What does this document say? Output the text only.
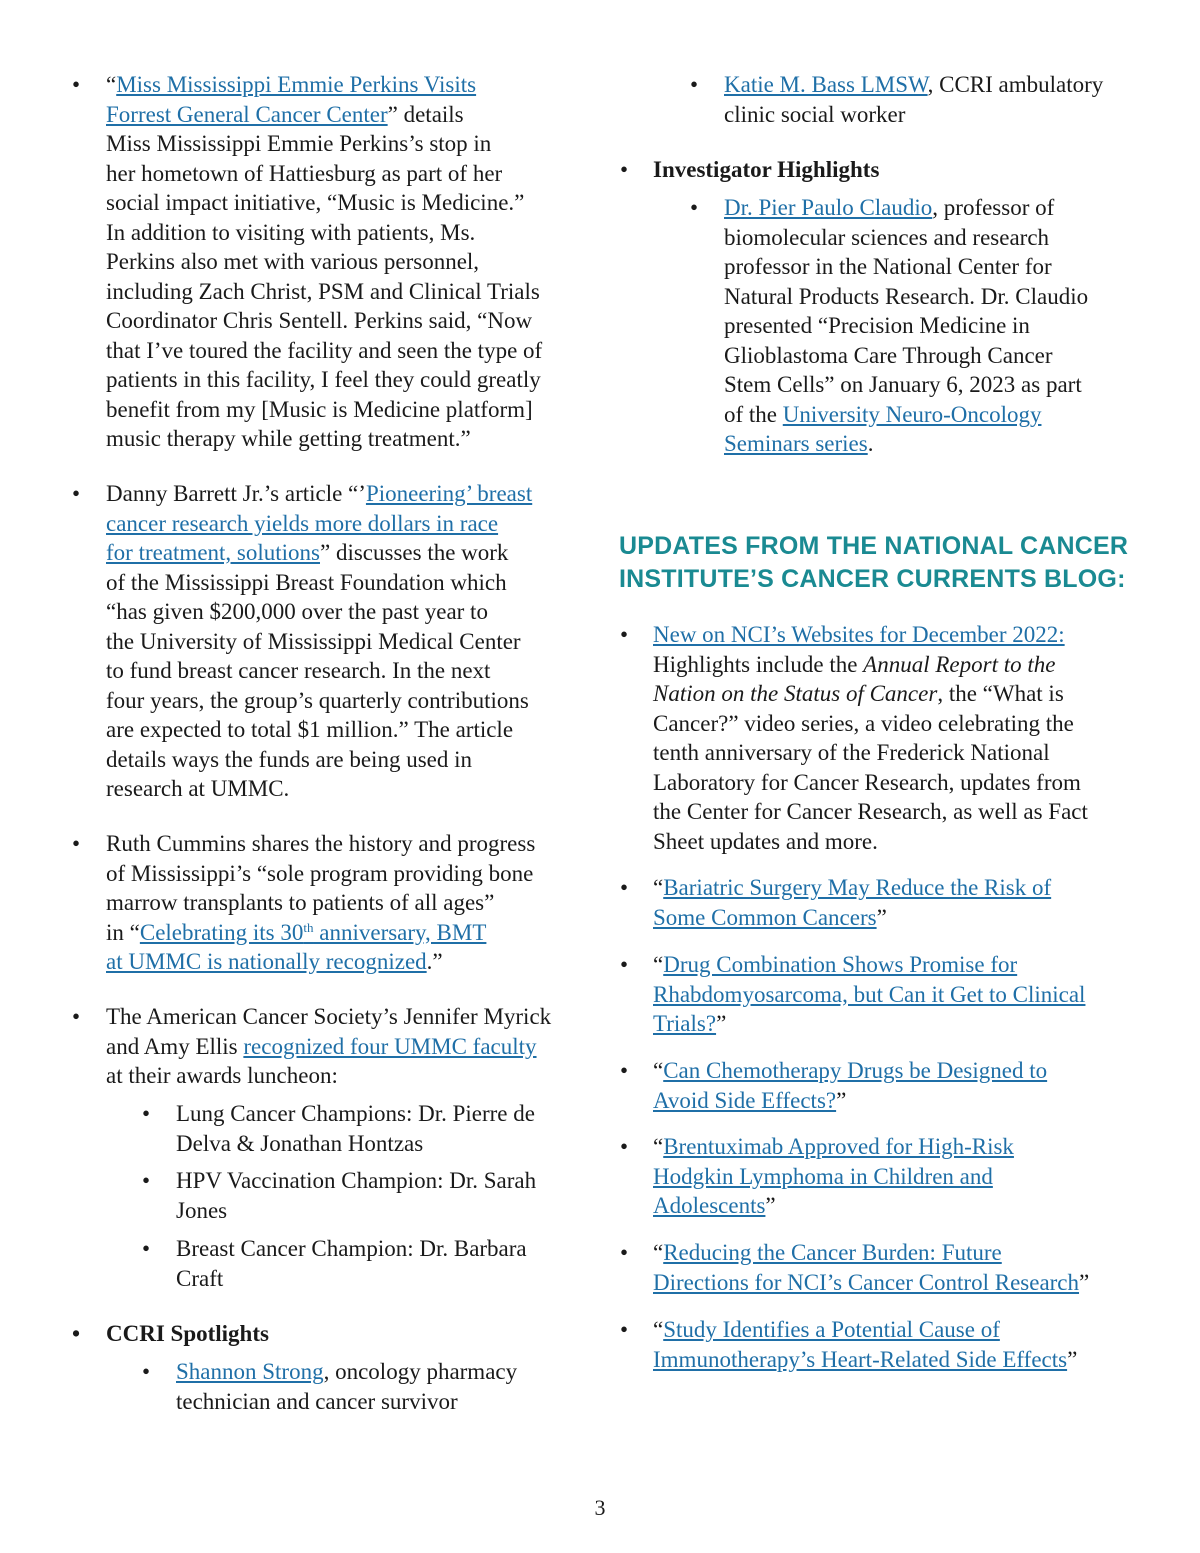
• “Miss Mississippi Emmie Perkins Visits
Forrest General Cancer Center” details
Miss Mississippi Emmie Perkins’s stop in
her hometown of Hattiesburg as part of her
social impact initiative, “Music is Medicine.”
In addition to visiting with patients, Ms.
Perkins also met with various personnel,
including Zach Christ, PSM and Clinical Trials
Coordinator Chris Sentell. Perkins said, “Now
that I’ve toured the facility and seen the type of
patients in this facility, I feel they could greatly
benefit from my [Music is Medicine platform]
music therapy while getting treatment.”
• Danny Barrett Jr.’s article “’Pioneering’ breast
cancer research yields more dollars in race
for treatment, solutions” discusses the work
of the Mississippi Breast Foundation which
“has given $200,000 over the past year to
the University of Mississippi Medical Center
to fund breast cancer research. In the next
four years, the group’s quarterly contributions
are expected to total $1 million.” The article
details ways the funds are being used in
research at UMMC.
• Ruth Cummins shares the history and progress
of Mississippi’s “sole program providing bone
marrow transplants to patients of all ages”
in “Celebrating its 30th anniversary, BMT
at UMMC is nationally recognized.”
• The American Cancer Society’s Jennifer Myrick
and Amy Ellis recognized four UMMC faculty
at their awards luncheon:
• Lung Cancer Champions: Dr. Pierre de
Delva & Jonathan Hontzas
• HPV Vaccination Champion: Dr. Sarah
Jones
• Breast Cancer Champion: Dr. Barbara
Craft
• CCRI Spotlights
• Shannon Strong, oncology pharmacy
technician and cancer survivor
• Katie M. Bass LMSW, CCRI ambulatory
clinic social worker
• Investigator Highlights
• Dr. Pier Paulo Claudio, professor of
biomolecular sciences and research
professor in the National Center for
Natural Products Research. Dr. Claudio
presented “Precision Medicine in
Glioblastoma Care Through Cancer
Stem Cells” on January 6, 2023 as part
of the University Neuro-Oncology
Seminars series.
• New on NCI’s Websites for December 2022:
Highlights include the Annual Report to the
Nation on the Status of Cancer, the “What is
Cancer?” video series, a video celebrating the
tenth anniversary of the Frederick National
Laboratory for Cancer Research, updates from
the Center for Cancer Research, as well as Fact
Sheet updates and more.
• “Bariatric Surgery May Reduce the Risk of
Some Common Cancers”
• “Drug Combination Shows Promise for
Rhabdomyosarcoma, but Can it Get to Clinical
Trials?”
• “Can Chemotherapy Drugs be Designed to
Avoid Side Effects?”
• “Brentuximab Approved for High-Risk
Hodgkin Lymphoma in Children and
Adolescents”
• “Reducing the Cancer Burden: Future
Directions for NCI’s Cancer Control Research”
• “Study Identifies a Potential Cause of
Immunotherapy’s Heart-Related Side Effects”
UPDATES FROM THE NATIONAL CANCER
INSTITUTE’S CANCER CURRENTS BLOG:
3
